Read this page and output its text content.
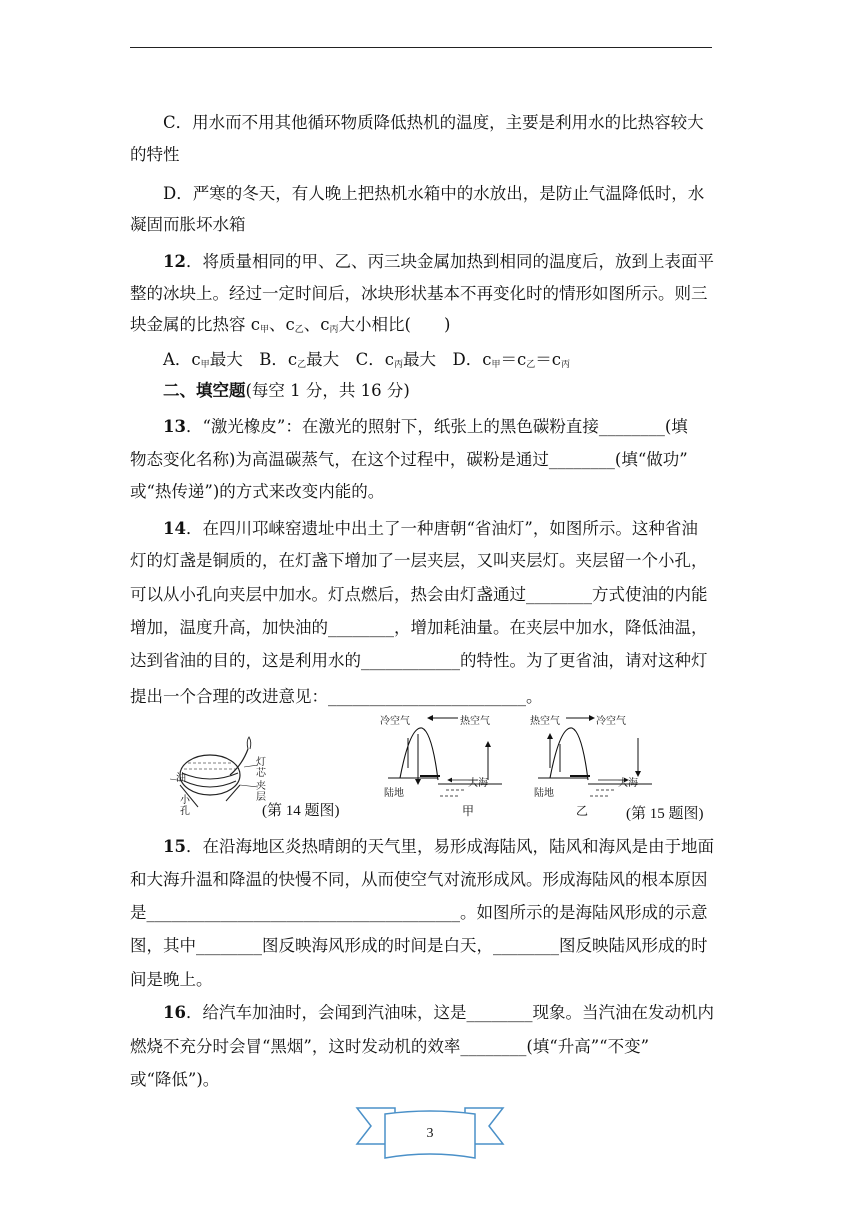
C．用水而不用其他循环物质降低热机的温度，主要是利用水的比热容较大
的特性
D．严寒的冬天，有人晚上把热机水箱中的水放出，是防止气温降低时，水
凝固而胀坏水箱
12．将质量相同的甲、乙、丙三块金属加热到相同的温度后，放到上表面平
整的冰块上。经过一定时间后，冰块形状基本不再变化时的情形如图所示。则三
块金属的比热容 $c_甲$、$c_乙$、$c_丙$大小相比(　　)
A．$c_甲$最大　B．$c_乙$最大　C．$c_丙$最大　D．$c_甲=c_乙=c_丙$
二、填空题(每空 1 分，共 16 分)
13．“激光橡皮”：在激光的照射下，纸张上的黑色碳粉直接________(填
物态变化名称)为高温碳蒸气，在这个过程中，碳粉是通过________(填“做功”
或“热传递”)的方式来改变内能的。
14．在四川邛崃窑遗址中出土了一种唐朝“省油灯”，如图所示。这种省油
灯的灯盏是铜质的，在灯盏下增加了一层夹层，又叫夹层灯。夹层留一个小孔，
可以从小孔向夹层中加水。灯点燃后，热会由灯盏通过________方式使油的内能
增加，温度升高，加快油的________，增加耗油量。在夹层中加水，降低油温，
达到省油的目的，这是利用水的____________的特性。为了更省油，请对这种灯
提出一个合理的改进意见：________________________。
油
小孔
灯芯
夹层
(第 14 题图)
冷空气	热空气
陆地
大海
甲
热空气	冷空气
陆地
大海
乙	(第 15 题图)
15．在沿海地区炎热晴朗的天气里，易形成海陆风，陆风和海风是由于地面
和大海升温和降温的快慢不同，从而使空气对流形成风。形成海陆风的根本原因
是______________________________________。如图所示的是海陆风形成的示意
图，其中________图反映海风形成的时间是白天，________图反映陆风形成的时
间是晚上。
16．给汽车加油时，会闻到汽油味，这是________现象。当汽油在发动机内
燃烧不充分时会冒“黑烟”，这时发动机的效率________(填“升高”“不变”
或“降低”)。
3
